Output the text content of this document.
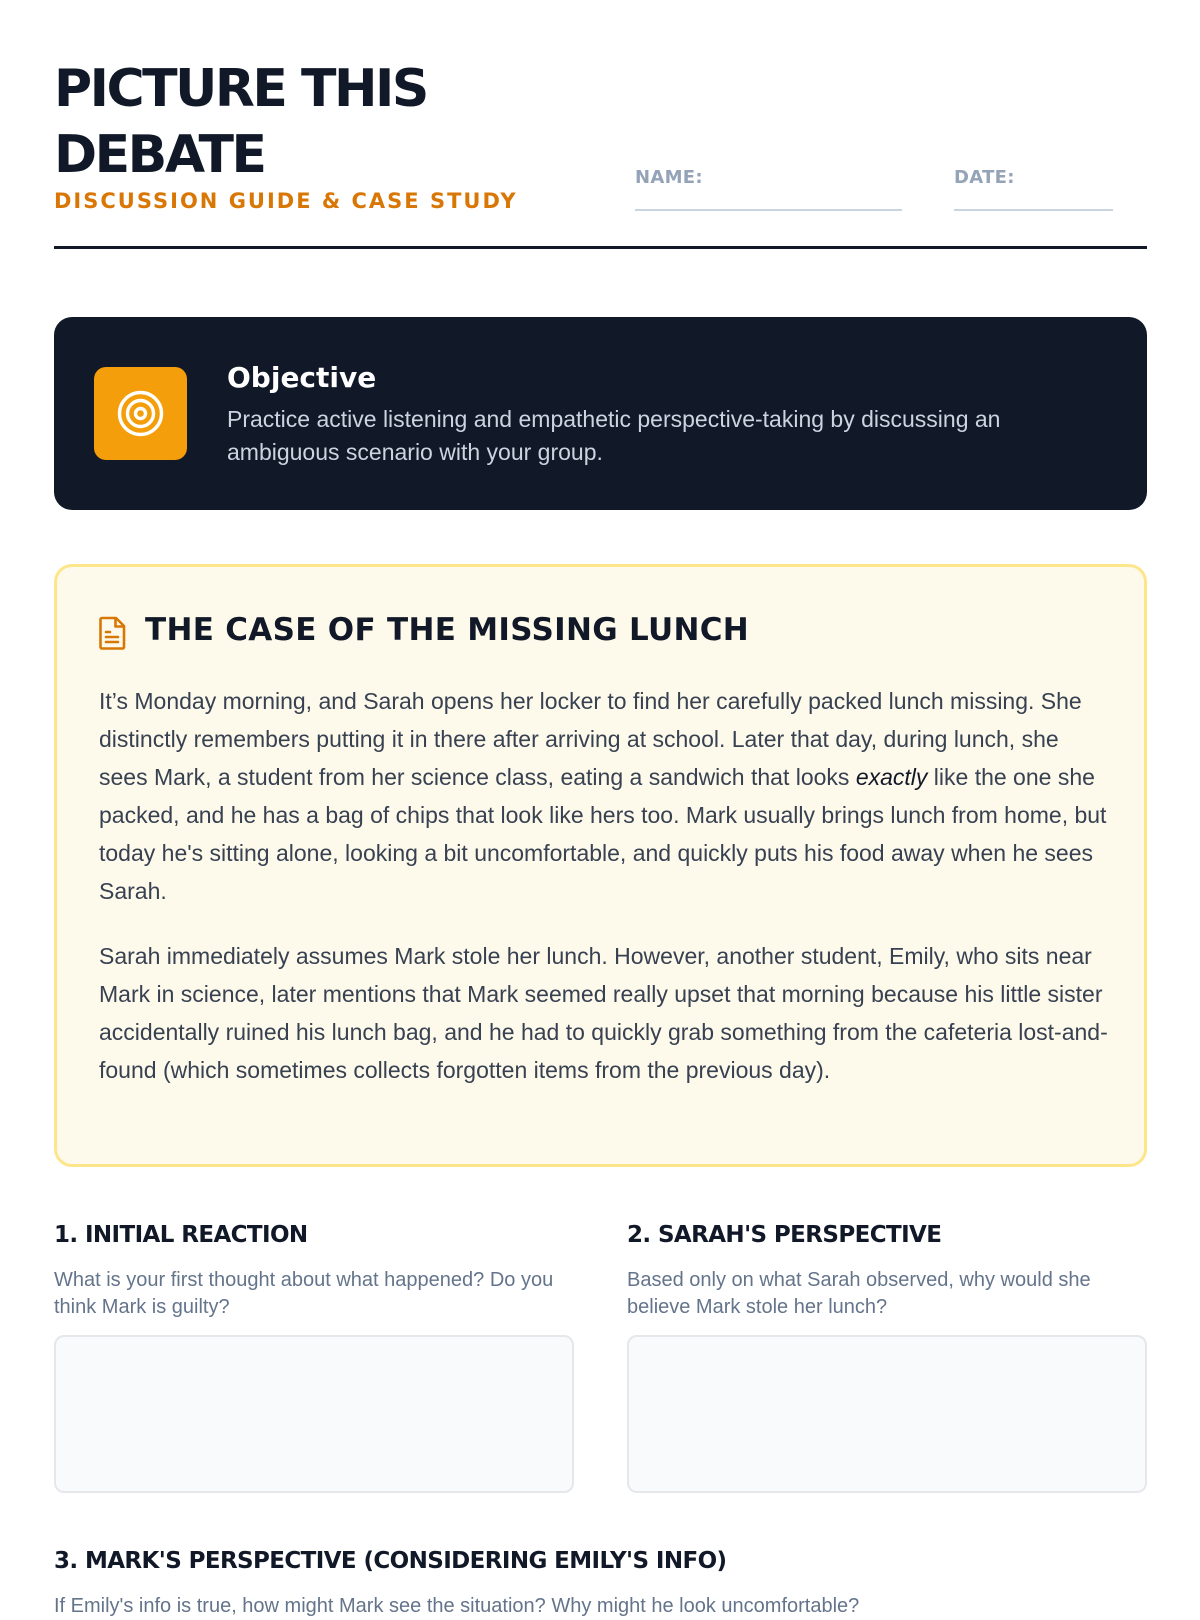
PICTURE THIS
DEBATE
DISCUSSION GUIDE & CASE STUDY
NAME:	DATE:
Objective
Practice active listening and empathetic perspective-taking by discussing an ambiguous scenario with your group.
THE CASE OF THE MISSING LUNCH

It’s Monday morning, and Sarah opens her locker to find her carefully packed lunch missing. She distinctly remembers putting it in there after arriving at school. Later that day, during lunch, she sees Mark, a student from her science class, eating a sandwich that looks exactly like the one she packed, and he has a bag of chips that look like hers too. Mark usually brings lunch from home, but today he's sitting alone, looking a bit uncomfortable, and quickly puts his food away when he sees Sarah.

Sarah immediately assumes Mark stole her lunch. However, another student, Emily, who sits near Mark in science, later mentions that Mark seemed really upset that morning because his little sister accidentally ruined his lunch bag, and he had to quickly grab something from the cafeteria lost-and-found (which sometimes collects forgotten items from the previous day).

1. INITIAL REACTION
What is your first thought about what happened? Do you think Mark is guilty?
2. SARAH'S PERSPECTIVE
Based only on what Sarah observed, why would she believe Mark stole her lunch?
3. MARK'S PERSPECTIVE (CONSIDERING EMILY'S INFO)
If Emily's info is true, how might Mark see the situation? Why might he look uncomfortable?
